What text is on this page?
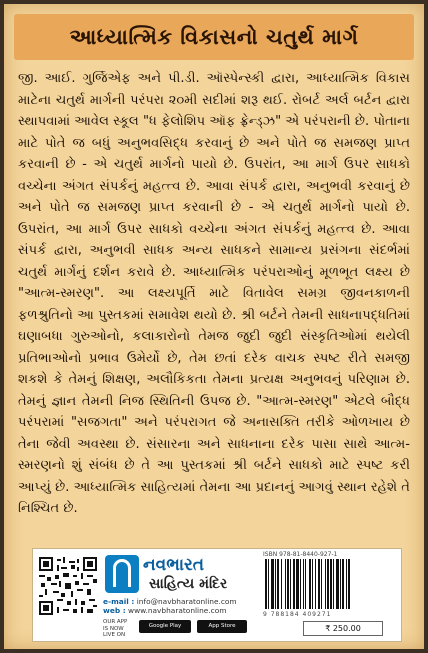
આધ્યાત્મિક વિકાસનો ચતુર્થ માર્ગ

જી. આઈ. ગુર્જિએફ અને પી.ડી. ઑસ્પેન્સ્કી દ્વારા, આધ્યાત્મિક વિકાસ માટેના ચતુર્થ માર્ગની પરંપરા ૨૦મી સદીમાં શરૂ થઈ. રોબર્ટ અર્લ બર્ટન દ્વારા સ્થાપવામાં આવેલ સ્કૂલ "ધ ફેલોશિપ ઑફ ફ્રેન્ડ્ઝ" એ પરંપરાની છે. પોતાના માટે પોતે જ બધું અનુભવસિદ્ધ કરવાનું છે અને પોતે જ સમજણ પ્રાપ્ત કરવાની છે - એ ચતુર્થ માર્ગનો પાયો છે. ઉપરાંત, આ માર્ગ ઉપર સાધકો વચ્ચેના અંગત સંપર્કનું મહત્ત્વ છે. આવા સંપર્ક દ્વારા, અનુભવી કરવાનું છે અને પોતે જ સમજણ પ્રાપ્ત કરવાની છે - એ ચતુર્થ માર્ગનો પાયો છે. ઉપરાંત, આ માર્ગ ઉપર સાધકો વચ્ચેના અંગત સંપર્કનું મહત્ત્વ છે. આવા સંપર્ક દ્વારા, અનુભવી સાધક અન્ય સાધકને સામાન્ય પ્રસંગના સંદર્ભમાં ચતુર્થ માર્ગનું દર્શન કરાવે છે. આધ્યાત્મિક પરંપરાઓનું મૂળભૂત લક્ષ્ય છે "આત્મ-સ્મરણ". આ લક્ષ્યપૂર્તિ માટે વિતાવેલ સમગ્ર જીવનકાળની ફળશ્રુતિનો આ પુસ્તકમાં સમાવેશ થયો છે. શ્રી બર્ટને તેમની સાધનાપદ્ધતિમાં ઘણાબધા ગુરુઓનો, કલાકારોનો તેમજ જુદી જુદી સંસ્કૃતિઓમાં થયેલી પ્રતિભાઓનો પ્રભાવ ઉમેર્યો છે, તેમ છતાં દરેક વાચક સ્પષ્ટ રીતે સમજી શકશે કે તેમનું શિક્ષણ, અલૌકિકતા તેમના પ્રત્યક્ષ અનુભવનું પરિણામ છે. તેમનું જ્ઞાન તેમની નિજ સ્થિતિની ઉપજ છે. "આત્મ-સ્મરણ" એટલે બૌદ્ધ પરંપરામાં "સજગતા" અને પરંપરાગત જે અનાસક્તિ તરીકે ઓળખાય છે તેના જેવી અવસ્થા છે. સંસારના અને સાધનાના દરેક પાસા સાથે આત્મ-સ્મરણનો શું સંબંધ છે તે આ પુસ્તકમાં શ્રી બર્ટને સાધકો માટે સ્પષ્ટ કરી આપ્યું છે. આધ્યાત્મિક સાહિત્યમાં તેમના આ પ્રદાનનું આગવું સ્થાન રહેશે તે નિશ્ચિત છે.

નવભારત
સાહિત્ય મંદિર
e-mail : info@navbharatonline.com
web : www.navbharatonline.com
OUR APP IS NOW LIVE ON
Google Play	App Store
ISBN 978-81-8440-927-1
9 788184 409271
₹ 250.00
